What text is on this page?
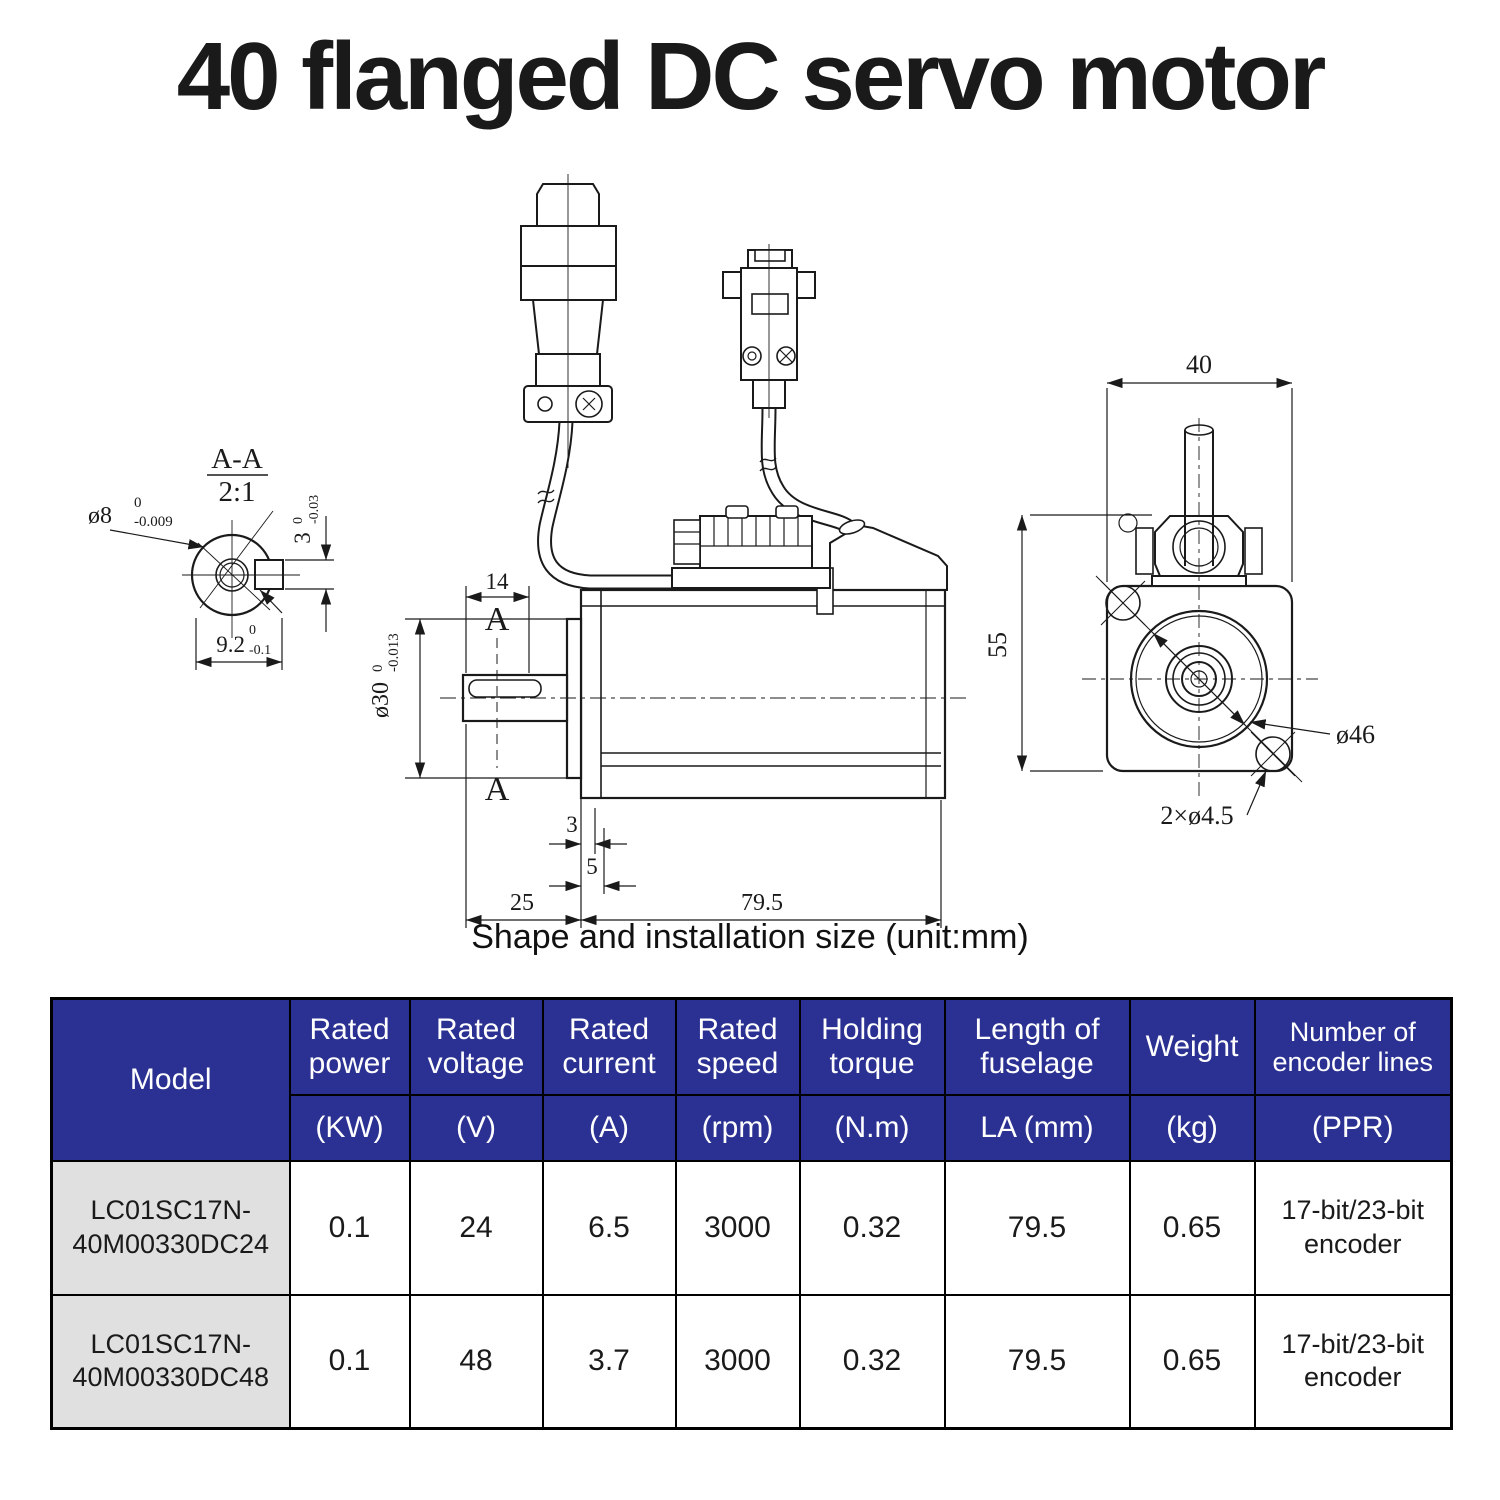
40 flanged DC servo motor
A
A
14
ø30
0 -0.013
3
5
25	79.5
A-A
2:1
ø8 0
-0.009
3
0 -0.03
9.2
0
-0.1
40
55
ø46
2×ø4.5
Shape and installation size (unit:mm)
Model	Rated power	Rated voltage	Rated current	Rated speed	Holding torque	Length of fuselage	Weight	Number of encoder lines
	(KW)	(V)	(A)	(rpm)	(N.m)	LA (mm)	(kg)	(PPR)
LC01SC17N-40M00330DC24	0.1	24	6.5	3000	0.32	79.5	0.65	17-bit/23-bit encoder
LC01SC17N-40M00330DC48	0.1	48	3.7	3000	0.32	79.5	0.65	17-bit/23-bit encoder
